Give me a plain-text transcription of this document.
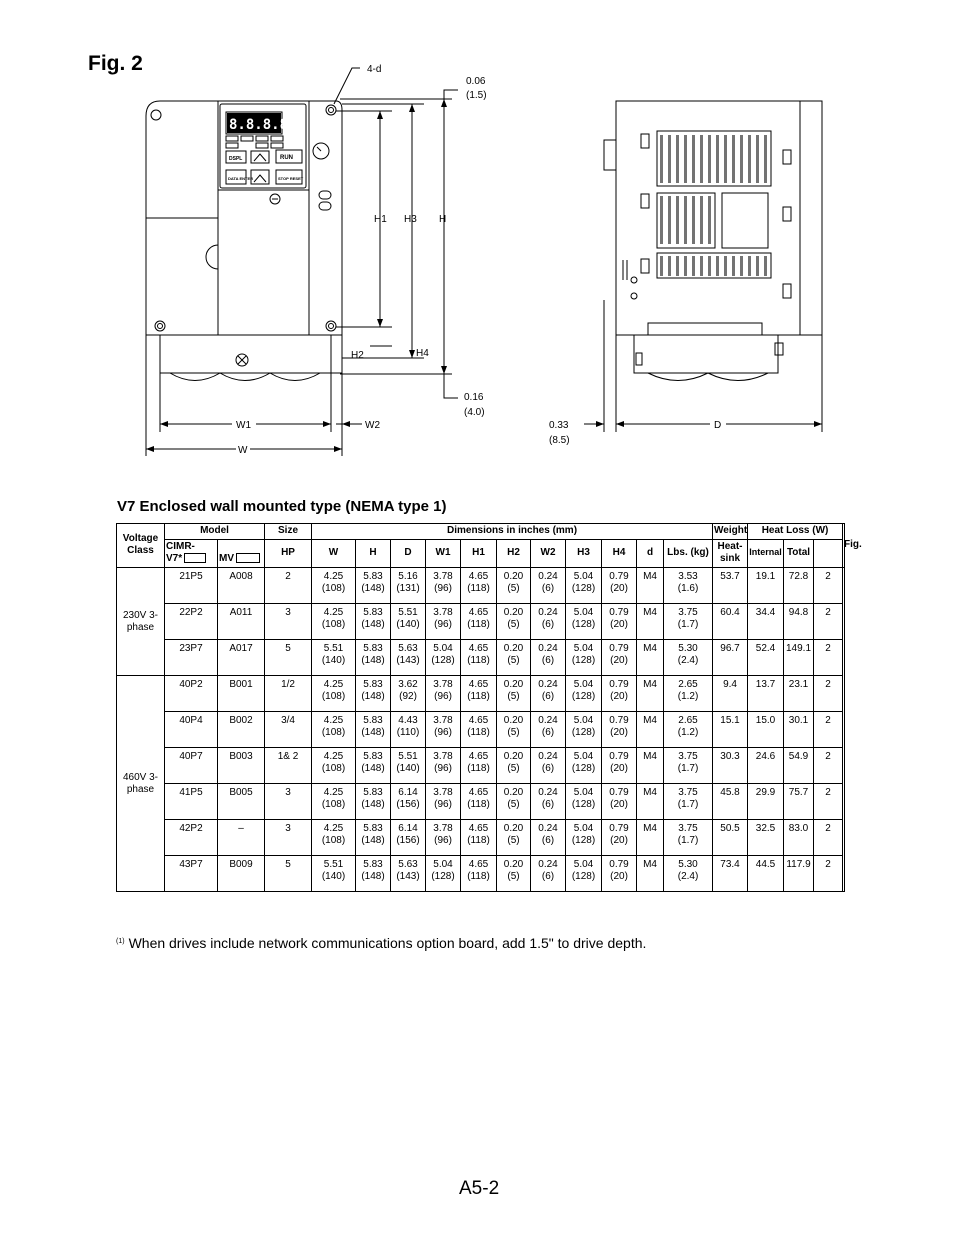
Fig. 2
8.8.8.8.
DSPL	RUN
DATA ENTER	STOP RESET
4-d
0.06
(1.5)
H1 H3 H
H2	H4
0.16
(4.0)
W1	W2
W
0.33
(8.5)
D
V7 Enclosed wall mounted type (NEMA type 1)
Voltage Class	Model		Size	Dimensions in inches (mm)											Weight	Heat Loss (W)			Fig.
	CIMR-
V7*	MV	HP	W	H	D	W1	H1	H2	W2	H3	H4	d	Lbs. (kg)	Heat- sink	Internal	Total		
230V 3-phase	21P5	A008	2	4.25
(108)	5.83
(148)	5.16
(131)	3.78
(96)	4.65
(118)	0.20
(5)	0.24
(6)	5.04
(128)	0.79
(20)	M4	3.53
(1.6)	53.7	19.1	72.8	2	
	22P2	A011	3	4.25
(108)	5.83
(148)	5.51
(140)	3.78
(96)	4.65
(118)	0.20
(5)	0.24
(6)	5.04
(128)	0.79
(20)	M4	3.75
(1.7)	60.4	34.4	94.8	2	
	23P7	A017	5	5.51
(140)	5.83
(148)	5.63
(143)	5.04
(128)	4.65
(118)	0.20
(5)	0.24
(6)	5.04
(128)	0.79
(20)	M4	5.30
(2.4)	96.7	52.4	149.1	2	
460V 3-phase	40P2	B001	1/2	4.25
(108)	5.83
(148)	3.62
(92)	3.78
(96)	4.65
(118)	0.20
(5)	0.24
(6)	5.04
(128)	0.79
(20)	M4	2.65
(1.2)	9.4	13.7	23.1	2	
	40P4	B002	3/4	4.25
(108)	5.83
(148)	4.43
(110)	3.78
(96)	4.65
(118)	0.20
(5)	0.24
(6)	5.04
(128)	0.79
(20)	M4	2.65
(1.2)	15.1	15.0	30.1	2	
	40P7	B003	1& 2	4.25
(108)	5.83
(148)	5.51
(140)	3.78
(96)	4.65
(118)	0.20
(5)	0.24
(6)	5.04
(128)	0.79
(20)	M4	3.75
(1.7)	30.3	24.6	54.9	2	
	41P5	B005	3	4.25
(108)	5.83
(148)	6.14
(156)	3.78
(96)	4.65
(118)	0.20
(5)	0.24
(6)	5.04
(128)	0.79
(20)	M4	3.75
(1.7)	45.8	29.9	75.7	2	
	42P2	–	3	4.25
(108)	5.83
(148)	6.14
(156)	3.78
(96)	4.65
(118)	0.20
(5)	0.24
(6)	5.04
(128)	0.79
(20)	M4	3.75
(1.7)	50.5	32.5	83.0	2	
	43P7	B009	5	5.51
(140)	5.83
(148)	5.63
(143)	5.04
(128)	4.65
(118)	0.20
(5)	0.24
(6)	5.04
(128)	0.79
(20)	M4	5.30
(2.4)	73.4	44.5	117.9	2	
$^{(1)}$ When drives include network communications option board, add 1.5" to drive depth.
A5-2
